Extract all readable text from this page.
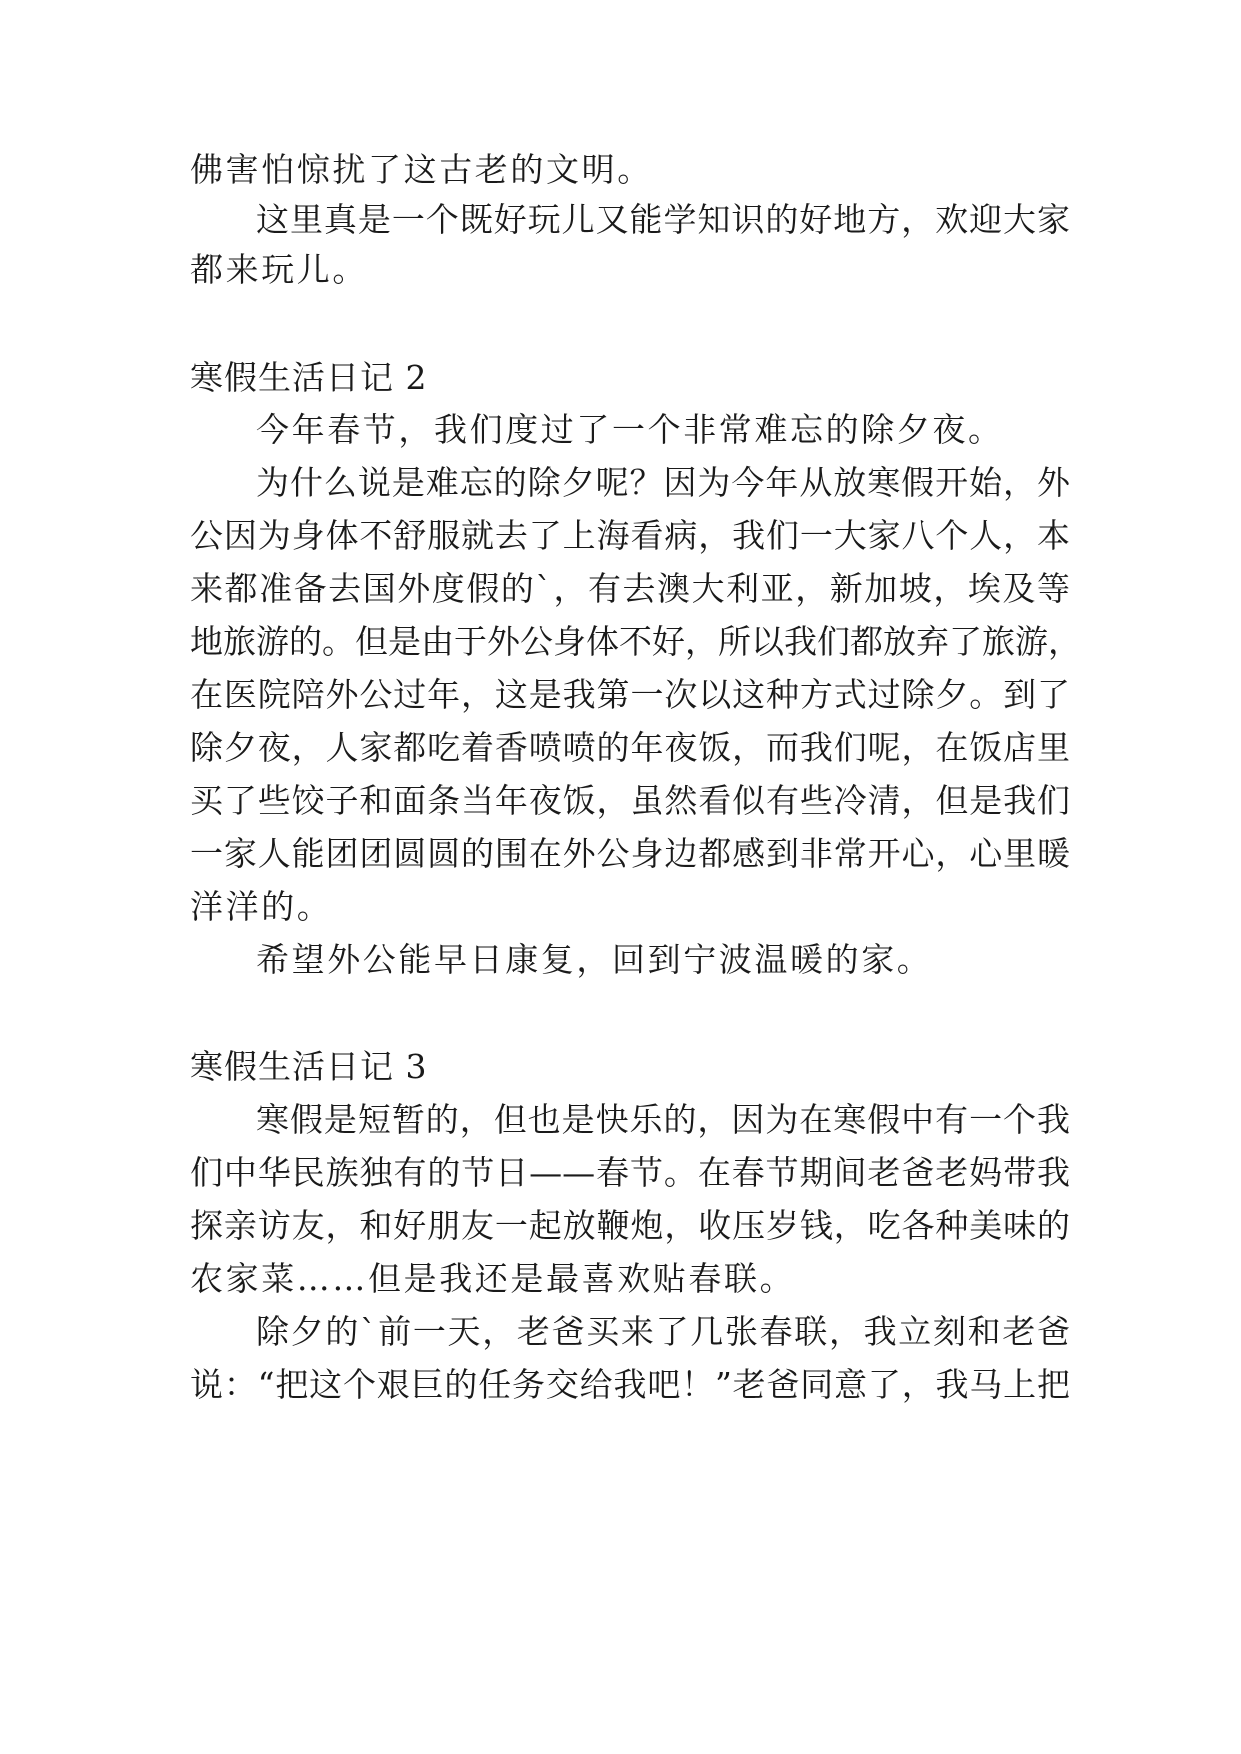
佛害怕惊扰了这古老的文明。

这里真是一个既好玩儿又能学知识的好地方，欢迎大家

都来玩儿。

寒假生活日记 2

今年春节，我们度过了一个非常难忘的除夕夜。

为什么说是难忘的除夕呢？因为今年从放寒假开始，外

公因为身体不舒服就去了上海看病，我们一大家八个人，本

来都准备去国外度假的`，有去澳大利亚，新加坡，埃及等

地旅游的。但是由于外公身体不好，所以我们都放弃了旅游，

在医院陪外公过年，这是我第一次以这种方式过除夕。到了

除夕夜，人家都吃着香喷喷的年夜饭，而我们呢，在饭店里

买了些饺子和面条当年夜饭，虽然看似有些冷清，但是我们

一家人能团团圆圆的围在外公身边都感到非常开心，心里暖

洋洋的。

希望外公能早日康复，回到宁波温暖的家。

寒假生活日记 3

寒假是短暂的，但也是快乐的，因为在寒假中有一个我

们中华民族独有的节日——春节。在春节期间老爸老妈带我

探亲访友，和好朋友一起放鞭炮，收压岁钱，吃各种美味的

农家菜……但是我还是最喜欢贴春联。

除夕的`前一天，老爸买来了几张春联，我立刻和老爸

说：“把这个艰巨的任务交给我吧！”老爸同意了，我马上把
